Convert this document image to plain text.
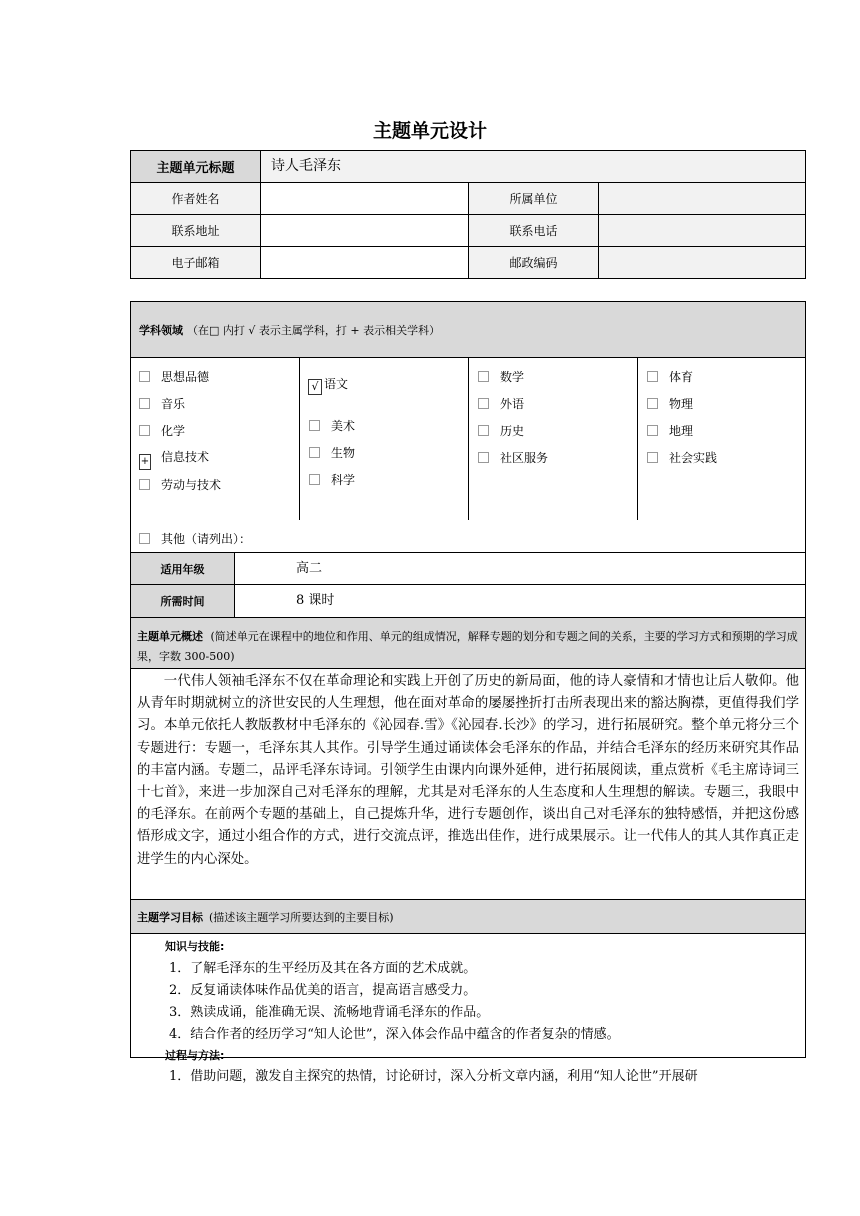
主题单元设计
主题单元标题	诗人毛泽东
作者姓名	所属单位
联系地址	联系电话
电子邮箱	邮政编码
学科领域 （在□ 内打 √ 表示主属学科，打 + 表示相关学科）
思想品德
音乐
化学
+ 信息技术
劳动与技术
√ 语文
美术
生物
科学
数学
外语
历史
社区服务
体育
物理
地理
社会实践
其他（请列出）：
适用年级	高二
所需时间	8 课时
主题单元概述 (简述单元在课程中的地位和作用、单元的组成情况，解释专题的划分和专题之间的关系，主要的学习方式和预期的学习成果，字数 300-500)
一代伟人领袖毛泽东不仅在革命理论和实践上开创了历史的新局面，他的诗人豪情和才情也让后人敬仰。他从青年时期就树立的济世安民的人生理想，他在面对革命的屡屡挫折打击所表现出来的豁达胸襟，更值得我们学习。本单元依托人教版教材中毛泽东的《沁园春.雪》《沁园春.长沙》的学习，进行拓展研究。整个单元将分三个专题进行：专题一，毛泽东其人其作。引导学生通过诵读体会毛泽东的作品，并结合毛泽东的经历来研究其作品的丰富内涵。专题二，品评毛泽东诗词。引领学生由课内向课外延伸，进行拓展阅读，重点赏析《毛主席诗词三十七首》，来进一步加深自己对毛泽东的理解，尤其是对毛泽东的人生态度和人生理想的解读。专题三，我眼中的毛泽东。在前两个专题的基础上，自己提炼升华，进行专题创作，谈出自己对毛泽东的独特感悟，并把这份感悟形成文字，通过小组合作的方式，进行交流点评，推选出佳作，进行成果展示。让一代伟人的其人其作真正走进学生的内心深处。
主题学习目标 (描述该主题学习所要达到的主要目标)
知识与技能:
1．了解毛泽东的生平经历及其在各方面的艺术成就。
2．反复诵读体味作品优美的语言，提高语言感受力。
3．熟读成诵，能准确无误、流畅地背诵毛泽东的作品。
4．结合作者的经历学习“知人论世”，深入体会作品中蕴含的作者复杂的情感。
过程与方法:
1．借助问题，激发自主探究的热情，讨论研讨，深入分析文章内涵，利用“知人论世”开展研
